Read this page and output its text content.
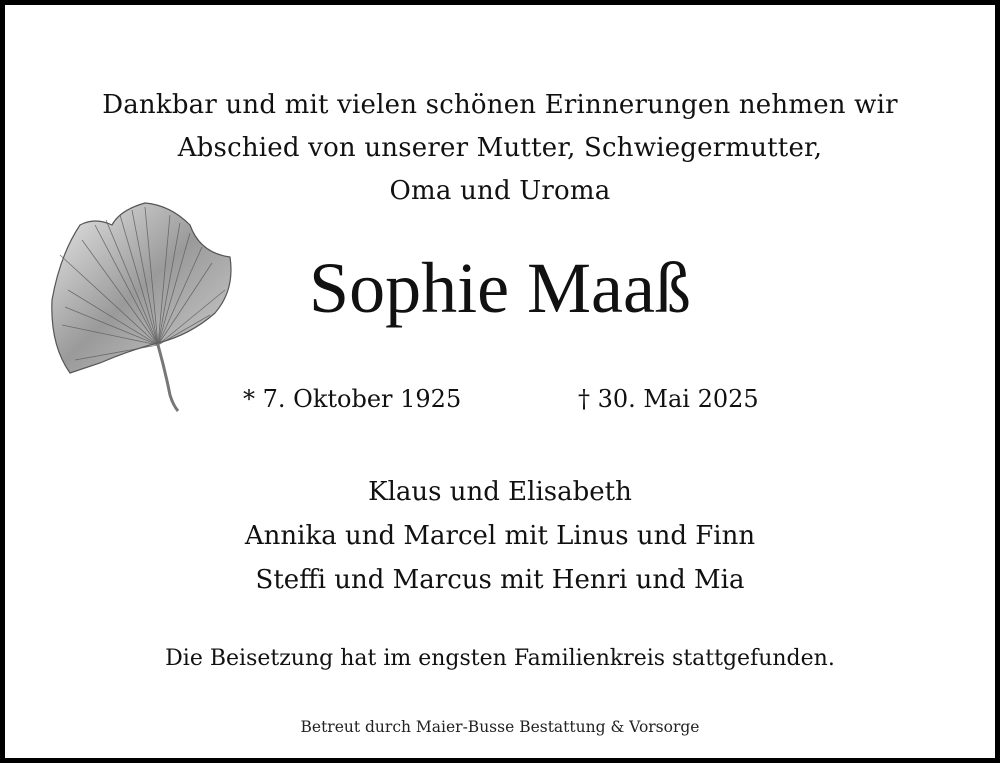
Dankbar und mit vielen schönen Erinnerungen nehmen wir
Abschied von unserer Mutter, Schwiegermutter,
Oma und Uroma
Sophie Maaß
* 7. Oktober 1925	† 30. Mai 2025
Klaus und Elisabeth
Annika und Marcel mit Linus und Finn
Steffi und Marcus mit Henri und Mia
Die Beisetzung hat im engsten Familienkreis stattgefunden.
Betreut durch Maier-Busse Bestattung & Vorsorge
